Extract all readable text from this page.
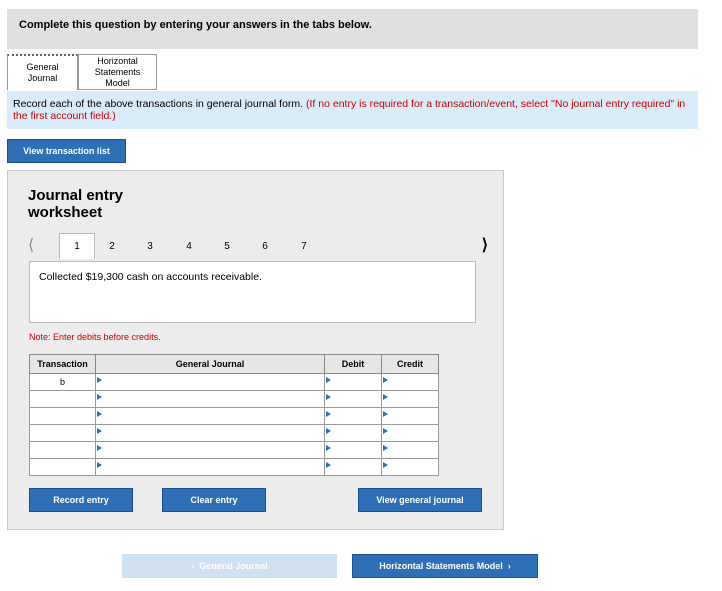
Complete this question by entering your answers in the tabs below.
General
Journal
Horizontal
Statements
Model
Record each of the above transactions in general journal form. (If no entry is required for a transaction/event, select "No journal entry required" in the first account field.)
View transaction list
Journal entry worksheet
⟨	1	2	3	4	5	6	7	⟩
Collected $19,300 cash on accounts receivable.
Note: Enter debits before credits.
Transaction	General Journal	Debit	Credit
b	

Record entry	Clear entry	View general journal
‹ General Journal	Horizontal Statements Model ›
